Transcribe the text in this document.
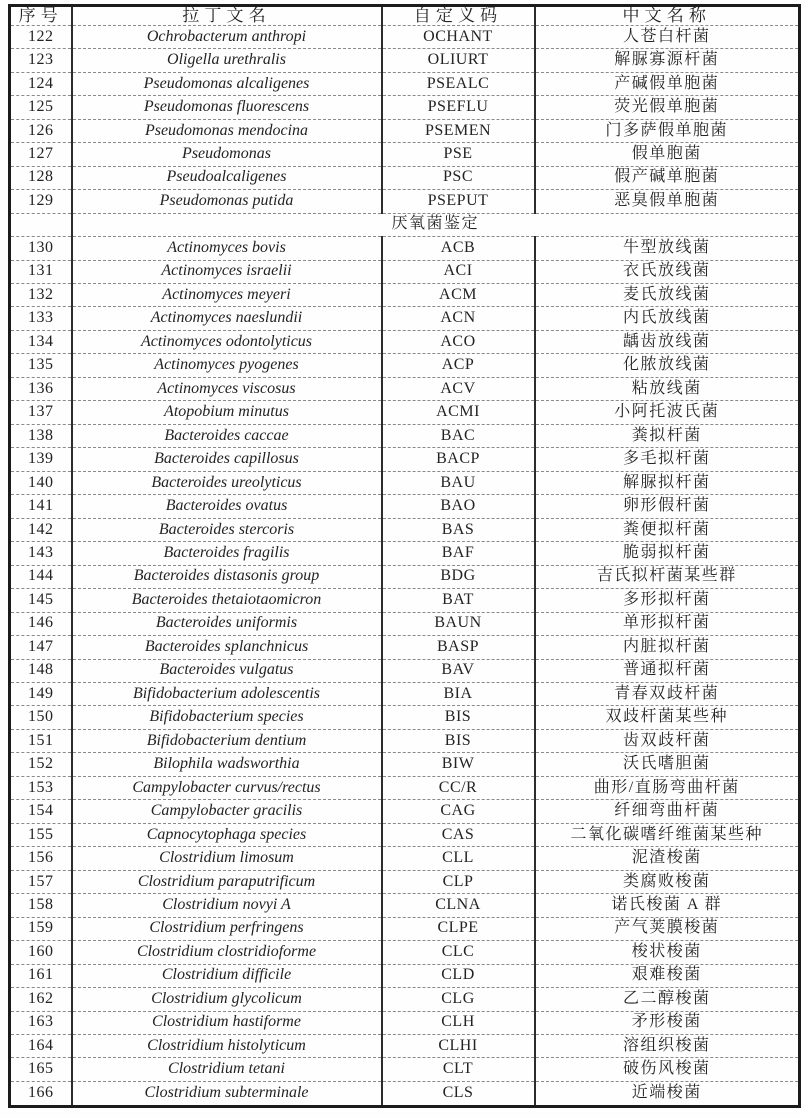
序号	拉丁文名	自定义码	中文名称
122	Ochrobacterum anthropi	OCHANT	人苍白杆菌
123	Oligella urethralis	OLIURT	解脲寡源杆菌
124	Pseudomonas alcaligenes	PSEALC	产碱假单胞菌
125	Pseudomonas fluorescens	PSEFLU	荧光假单胞菌
126	Pseudomonas mendocina	PSEMEN	门多萨假单胞菌
127	Pseudomonas	PSE	假单胞菌
128	Pseudoalcaligenes	PSC	假产碱单胞菌
129	Pseudomonas putida	PSEPUT	恶臭假单胞菌
	厌氧菌鉴定		
130	Actinomyces bovis	ACB	牛型放线菌
131	Actinomyces israelii	ACI	衣氏放线菌
132	Actinomyces meyeri	ACM	麦氏放线菌
133	Actinomyces naeslundii	ACN	内氏放线菌
134	Actinomyces odontolyticus	ACO	龋齿放线菌
135	Actinomyces pyogenes	ACP	化脓放线菌
136	Actinomyces viscosus	ACV	粘放线菌
137	Atopobium minutus	ACMI	小阿托波氏菌
138	Bacteroides caccae	BAC	粪拟杆菌
139	Bacteroides capillosus	BACP	多毛拟杆菌
140	Bacteroides ureolyticus	BAU	解脲拟杆菌
141	Bacteroides ovatus	BAO	卵形假杆菌
142	Bacteroides stercoris	BAS	粪便拟杆菌
143	Bacteroides fragilis	BAF	脆弱拟杆菌
144	Bacteroides distasonis group	BDG	吉氏拟杆菌某些群
145	Bacteroides thetaiotaomicron	BAT	多形拟杆菌
146	Bacteroides uniformis	BAUN	单形拟杆菌
147	Bacteroides splanchnicus	BASP	内脏拟杆菌
148	Bacteroides vulgatus	BAV	普通拟杆菌
149	Bifidobacterium adolescentis	BIA	青春双歧杆菌
150	Bifidobacterium species	BIS	双歧杆菌某些种
151	Bifidobacterium dentium	BIS	齿双歧杆菌
152	Bilophila wadsworthia	BIW	沃氏嗜胆菌
153	Campylobacter curvus/rectus	CC/R	曲形/直肠弯曲杆菌
154	Campylobacter gracilis	CAG	纤细弯曲杆菌
155	Capnocytophaga species	CAS	二氧化碳嗜纤维菌某些种
156	Clostridium limosum	CLL	泥渣梭菌
157	Clostridium paraputrificum	CLP	类腐败梭菌
158	Clostridium novyi A	CLNA	诺氏梭菌 A 群
159	Clostridium perfringens	CLPE	产气荚膜梭菌
160	Clostridium clostridioforme	CLC	梭状梭菌
161	Clostridium difficile	CLD	艰难梭菌
162	Clostridium glycolicum	CLG	乙二醇梭菌
163	Clostridium hastiforme	CLH	矛形梭菌
164	Clostridium histolyticum	CLHI	溶组织梭菌
165	Clostridium tetani	CLT	破伤风梭菌
166	Clostridium subterminale	CLS	近端梭菌
